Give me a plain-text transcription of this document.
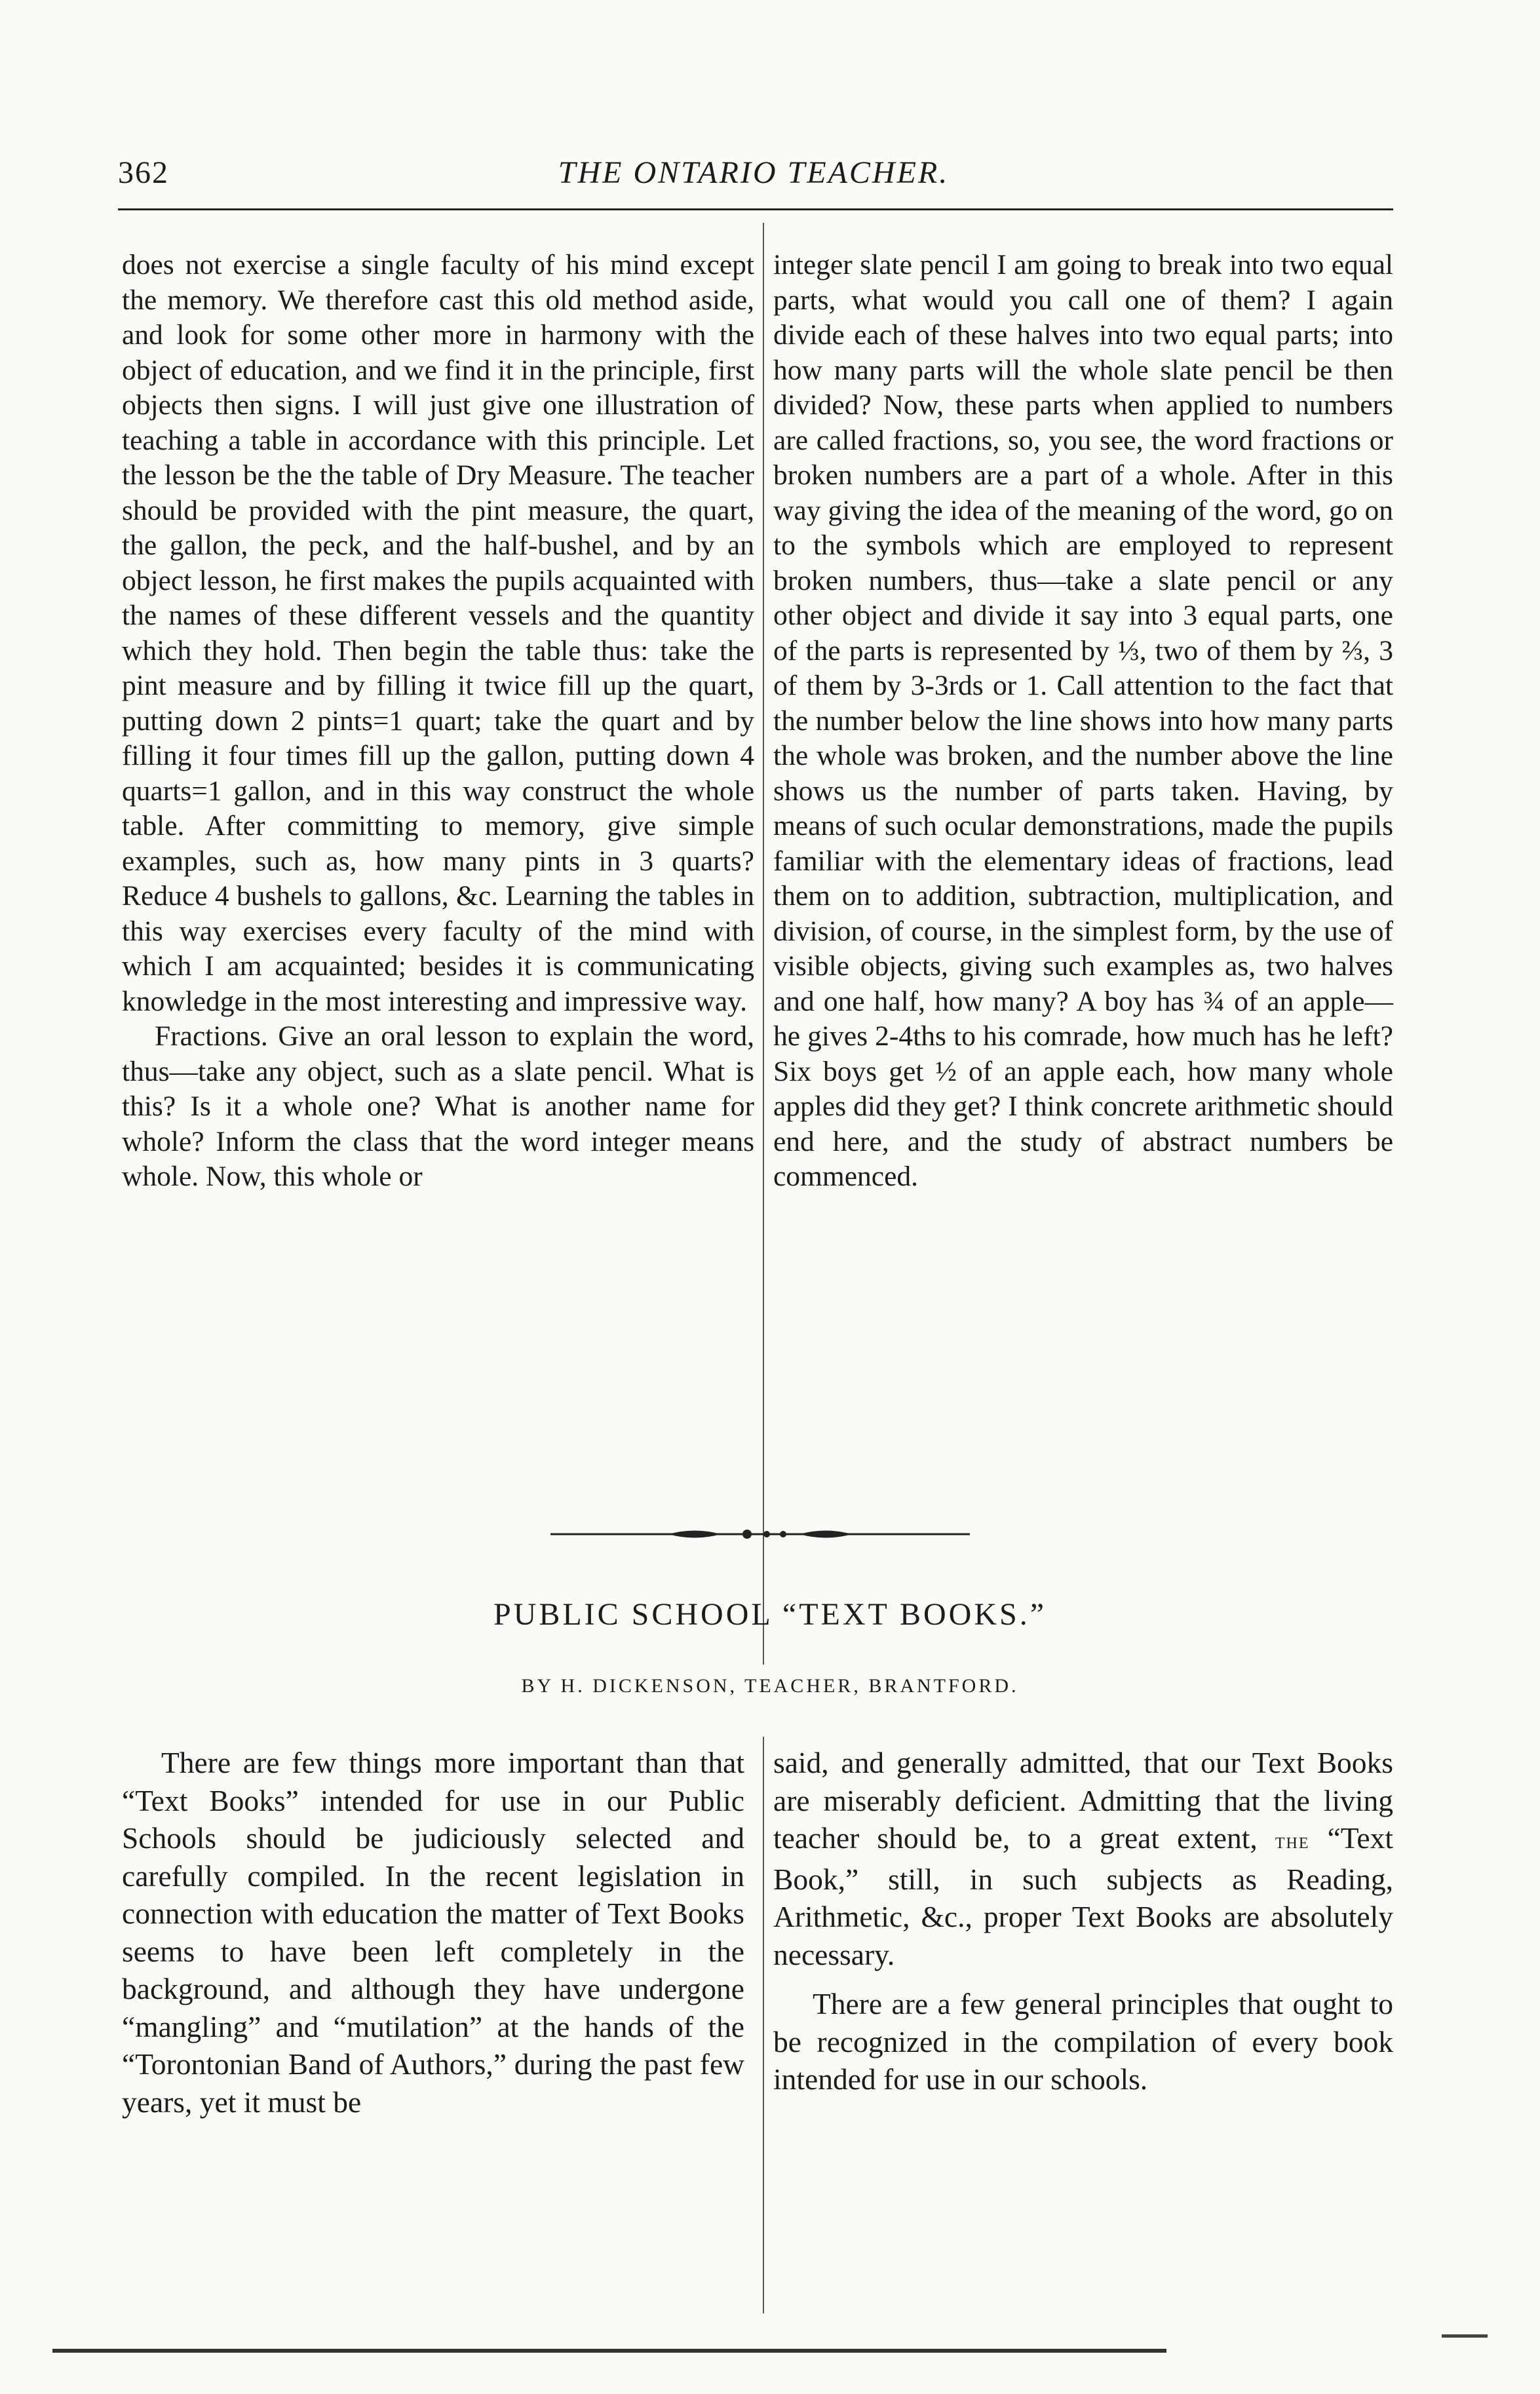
362	THE ONTARIO TEACHER.

does not exercise a single faculty of his mind except the memory. We therefore cast this old method aside, and look for some other more in harmony with the object of education, and we find it in the principle, first objects then signs. I will just give one illustration of teaching a table in accordance with this principle. Let the lesson be the the table of Dry Measure. The teacher should be provided with the pint measure, the quart, the gallon, the peck, and the half-bushel, and by an object lesson, he first makes the pupils acquainted with the names of these different vessels and the quantity which they hold. Then begin the table thus: take the pint measure and by filling it twice fill up the quart, putting down 2 pints=1 quart; take the quart and by filling it four times fill up the gallon, putting down 4 quarts=1 gallon, and in this way construct the whole table. After committing to memory, give simple examples, such as, how many pints in 3 quarts? Reduce 4 bushels to gallons, &c. Learning the tables in this way exercises every faculty of the mind with which I am acquainted; besides it is communicating knowledge in the most interesting and impressive way.

Fractions. Give an oral lesson to explain the word, thus—take any object, such as a slate pencil. What is this? Is it a whole one? What is another name for whole? Inform the class that the word integer means whole. Now, this whole or

integer slate pencil I am going to break into two equal parts, what would you call one of them? I again divide each of these halves into two equal parts; into how many parts will the whole slate pencil be then divided? Now, these parts when applied to numbers are called fractions, so, you see, the word fractions or broken numbers are a part of a whole. After in this way giving the idea of the meaning of the word, go on to the symbols which are employed to represent broken numbers, thus—take a slate pencil or any other object and divide it say into 3 equal parts, one of the parts is represented by ⅓, two of them by ⅔, 3 of them by 3-3rds or 1. Call attention to the fact that the number below the line shows into how many parts the whole was broken, and the number above the line shows us the number of parts taken. Having, by means of such ocular demonstrations, made the pupils familiar with the elementary ideas of fractions, lead them on to addition, subtraction, multiplication, and division, of course, in the simplest form, by the use of visible objects, giving such examples as, two halves and one half, how many? A boy has ¾ of an apple—he gives 2-4ths to his comrade, how much has he left? Six boys get ½ of an apple each, how many whole apples did they get? I think concrete arithmetic should end here, and the study of abstract numbers be commenced.

PUBLIC SCHOOL “TEXT BOOKS.”
BY H. DICKENSON, TEACHER, BRANTFORD.

There are few things more important than that “Text Books” intended for use in our Public Schools should be judiciously selected and carefully compiled. In the recent legislation in connection with education the matter of Text Books seems to have been left completely in the background, and although they have undergone “mangling” and “mutilation” at the hands of the “Torontonian Band of Authors,” during the past few years, yet it must be

said, and generally admitted, that our Text Books are miserably deficient. Admitting that the living teacher should be, to a great extent, the “Text Book,” still, in such subjects as Reading, Arithmetic, &c., proper Text Books are absolutely necessary.

There are a few general principles that ought to be recognized in the compilation of every book intended for use in our schools.
